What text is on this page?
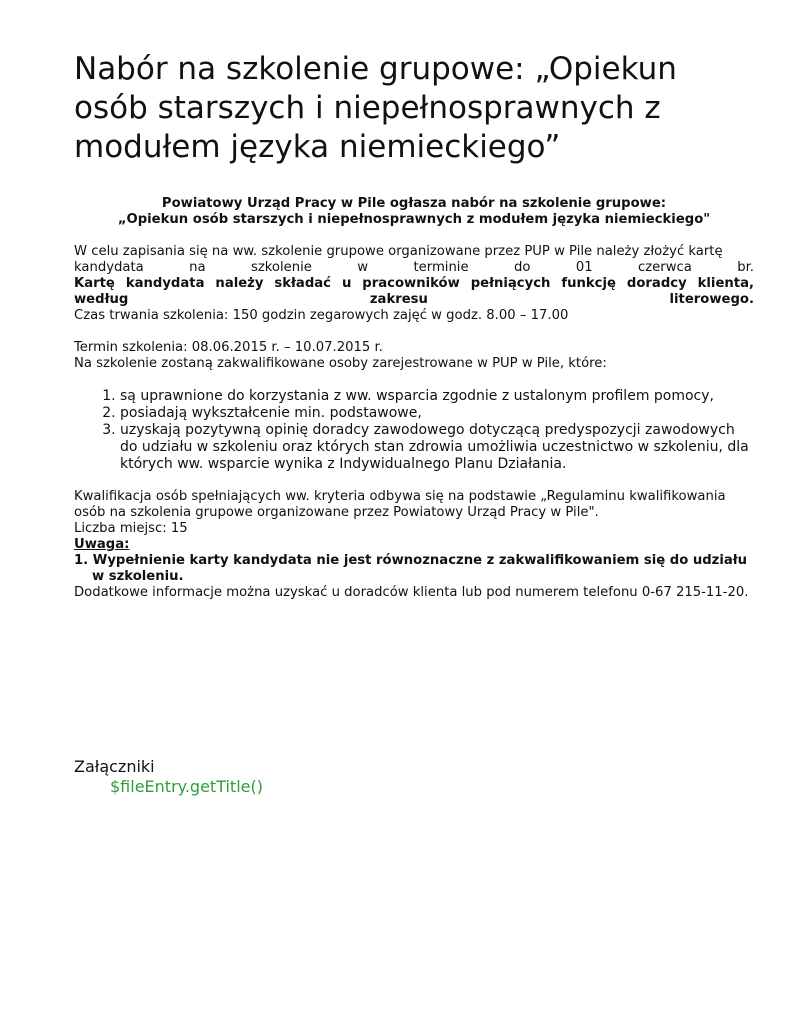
Nabór na szkolenie grupowe: „Opiekun osób starszych i niepełnosprawnych z modułem języka niemieckiego”
Powiatowy Urząd Pracy w Pile ogłasza nabór na szkolenie grupowe:
„Opiekun osób starszych i niepełnosprawnych z modułem języka niemieckiego"
W celu zapisania się na ww. szkolenie grupowe organizowane przez PUP w Pile należy złożyć kartę
kandydata na szkolenie w terminie do 01 czerwca br.
Kartę kandydata należy składać u pracowników pełniących funkcję doradcy klienta,
według zakresu literowego.
Czas trwania szkolenia: 150 godzin zegarowych zajęć w godz. 8.00 – 17.00
Termin szkolenia: 08.06.2015 r. – 10.07.2015 r.
Na szkolenie zostaną zakwalifikowane osoby zarejestrowane w PUP w Pile, które:
1. są uprawnione do korzystania z ww. wsparcia zgodnie z ustalonym profilem pomocy,
2. posiadają wykształcenie min. podstawowe,
3. uzyskają pozytywną opinię doradcy zawodowego dotyczącą predyspozycji zawodowych do udziału w szkoleniu oraz których stan zdrowia umożliwia uczestnictwo w szkoleniu, dla których ww. wsparcie wynika z Indywidualnego Planu Działania.
Kwalifikacja osób spełniających ww. kryteria odbywa się na podstawie „Regulaminu kwalifikowania osób na szkolenia grupowe organizowane przez Powiatowy Urząd Pracy w Pile".
Liczba miejsc: 15
Uwaga:
1. Wypełnienie karty kandydata nie jest równoznaczne z zakwalifikowaniem się do udziału
w szkoleniu.
Dodatkowe informacje można uzyskać u doradców klienta lub pod numerem telefonu 0-67 215-11-20.
Załączniki
$fileEntry.getTitle()
